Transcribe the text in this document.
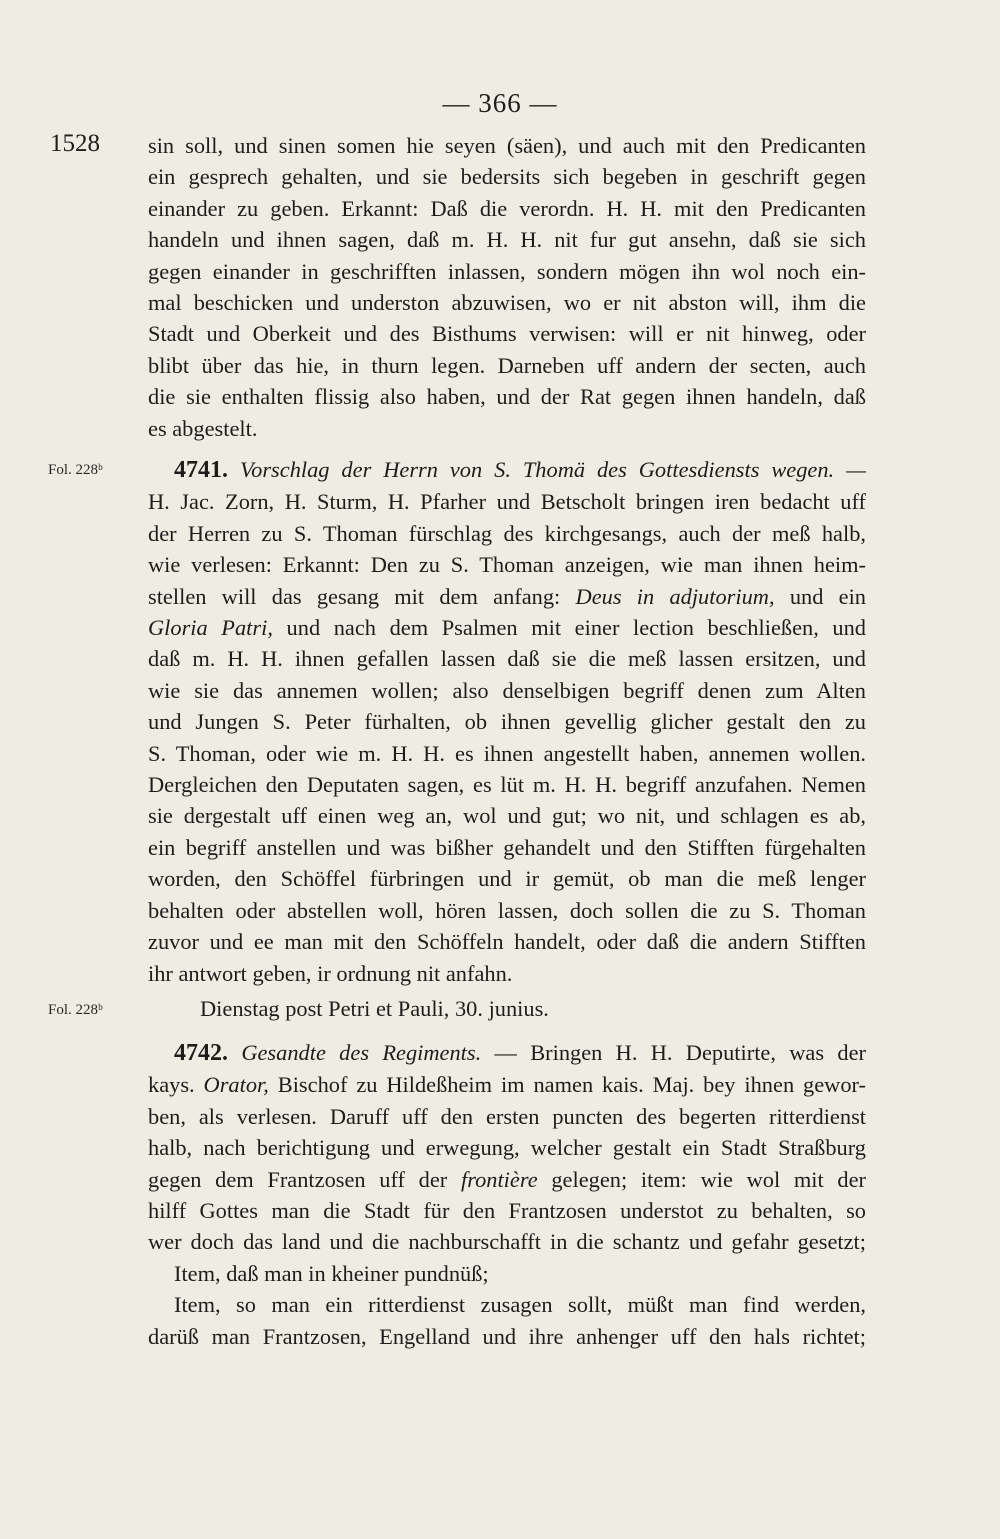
— 366 —
1528
Fol. 228ᵇ
Fol. 228ᵇ
sin soll, und sinen somen hie seyen (säen), und auch mit den Predicanten
ein gesprech gehalten, und sie bedersits sich begeben in geschrift gegen
einander zu geben. Erkannt: Daß die verordn. H. H. mit den Predicanten
handeln und ihnen sagen, daß m. H. H. nit fur gut ansehn, daß sie sich
gegen einander in geschrifften inlassen, sondern mögen ihn wol noch ein-
mal beschicken und underston abzuwisen, wo er nit abston will, ihm die
Stadt und Oberkeit und des Bisthums verwisen: will er nit hinweg, oder
blibt über das hie, in thurn legen. Darneben uff andern der secten, auch
die sie enthalten flissig also haben, und der Rat gegen ihnen handeln, daß
es abgestelt.
4741. Vorschlag der Herrn von S. Thomä des Gottesdiensts wegen. —
H. Jac. Zorn, H. Sturm, H. Pfarher und Betscholt bringen iren bedacht uff
der Herren zu S. Thoman fürschlag des kirchgesangs, auch der meß halb,
wie verlesen: Erkannt: Den zu S. Thoman anzeigen, wie man ihnen heim-
stellen will das gesang mit dem anfang: Deus in adjutorium, und ein
Gloria Patri, und nach dem Psalmen mit einer lection beschließen, und
daß m. H. H. ihnen gefallen lassen daß sie die meß lassen ersitzen, und
wie sie das annemen wollen; also denselbigen begriff denen zum Alten
und Jungen S. Peter fürhalten, ob ihnen gevellig glicher gestalt den zu
S. Thoman, oder wie m. H. H. es ihnen angestellt haben, annemen wollen.
Dergleichen den Deputaten sagen, es lüt m. H. H. begriff anzufahen. Nemen
sie dergestalt uff einen weg an, wol und gut; wo nit, und schlagen es ab,
ein begriff anstellen und was bißher gehandelt und den Stifften fürgehalten
worden, den Schöffel fürbringen und ir gemüt, ob man die meß lenger
behalten oder abstellen woll, hören lassen, doch sollen die zu S. Thoman
zuvor und ee man mit den Schöffeln handelt, oder daß die andern Stifften
ihr antwort geben, ir ordnung nit anfahn.
Dienstag post Petri et Pauli, 30. junius.
4742. Gesandte des Regiments. — Bringen H. H. Deputirte, was der
kays. Orator, Bischof zu Hildeßheim im namen kais. Maj. bey ihnen gewor-
ben, als verlesen. Daruff uff den ersten puncten des begerten ritterdienst
halb, nach berichtigung und erwegung, welcher gestalt ein Stadt Straßburg
gegen dem Frantzosen uff der frontière gelegen; item: wie wol mit der
hilff Gottes man die Stadt für den Frantzosen understot zu behalten, so
wer doch das land und die nachburschafft in die schantz und gefahr gesetzt;
Item, daß man in kheiner pundnüß;
Item, so man ein ritterdienst zusagen sollt, müßt man find werden,
darüß man Frantzosen, Engelland und ihre anhenger uff den hals richtet;
